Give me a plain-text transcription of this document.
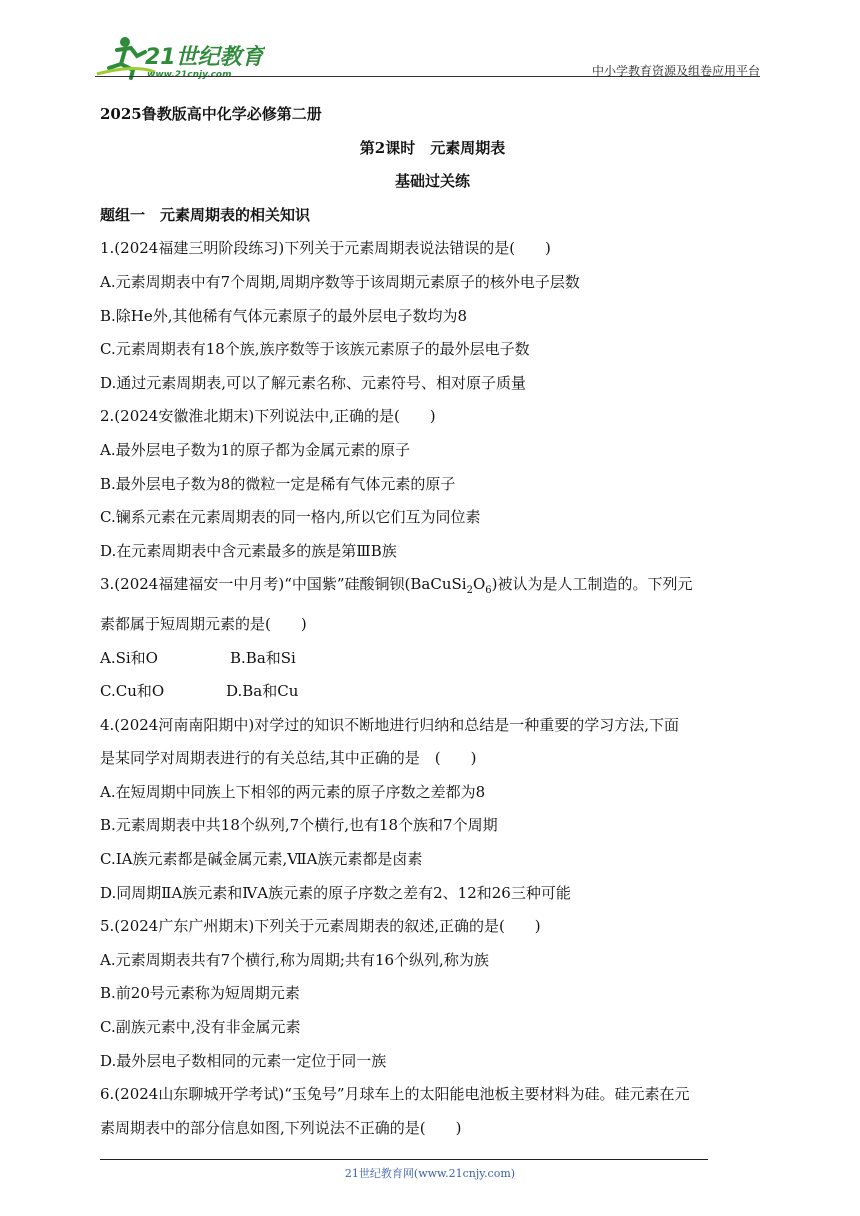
21世纪教育
www.21cnjy.com	中小学教育资源及组卷应用平台
2025鲁教版高中化学必修第二册
第2课时　元素周期表
基础过关练
题组一　元素周期表的相关知识
1.(2024福建三明阶段练习)下列关于元素周期表说法错误的是(　　)
A.元素周期表中有7个周期,周期序数等于该周期元素原子的核外电子层数
B.除He外,其他稀有气体元素原子的最外层电子数均为8
C.元素周期表有18个族,族序数等于该族元素原子的最外层电子数
D.通过元素周期表,可以了解元素名称、元素符号、相对原子质量
2.(2024安徽淮北期末)下列说法中,正确的是(　　)
A.最外层电子数为1的原子都为金属元素的原子
B.最外层电子数为8的微粒一定是稀有气体元素的原子
C.镧系元素在元素周期表的同一格内,所以它们互为同位素
D.在元素周期表中含元素最多的族是第ⅢB族
3.(2024福建福安一中月考)“中国紫”硅酸铜钡$(BaCuSi_2O_6)$被认为是人工制造的。下列元
素都属于短周期元素的是(　　)
A.Si和O	B.Ba和Si
C.Cu和O	D.Ba和Cu
4.(2024河南南阳期中)对学过的知识不断地进行归纳和总结是一种重要的学习方法,下面
是某同学对周期表进行的有关总结,其中正确的是　(　　)
A.在短周期中同族上下相邻的两元素的原子序数之差都为8
B.元素周期表中共18个纵列,7个横行,也有18个族和7个周期
C.ⅠA族元素都是碱金属元素,ⅦA族元素都是卤素
D.同周期ⅡA族元素和ⅣA族元素的原子序数之差有2、12和26三种可能
5.(2024广东广州期末)下列关于元素周期表的叙述,正确的是(　　)
A.元素周期表共有7个横行,称为周期;共有16个纵列,称为族
B.前20号元素称为短周期元素
C.副族元素中,没有非金属元素
D.最外层电子数相同的元素一定位于同一族
6.(2024山东聊城开学考试)“玉兔号”月球车上的太阳能电池板主要材料为硅。硅元素在元
素周期表中的部分信息如图,下列说法不正确的是(　　)
21世纪教育网(www.21cnjy.com)
